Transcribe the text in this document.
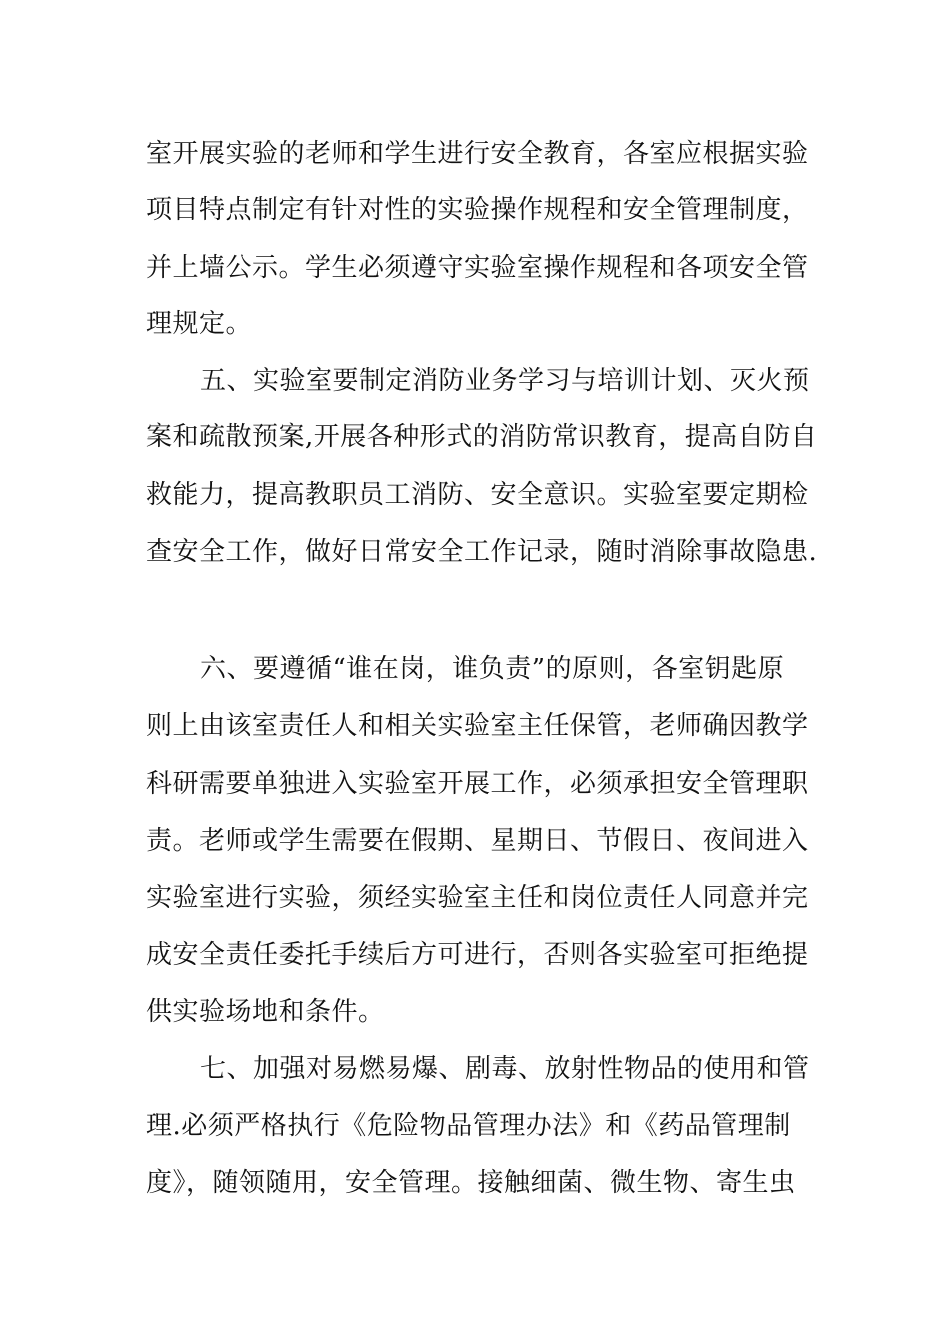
室开展实验的老师和学生进行安全教育，各室应根据实验
项目特点制定有针对性的实验操作规程和安全管理制度，
并上墙公示。学生必须遵守实验室操作规程和各项安全管
理规定。
五、实验室要制定消防业务学习与培训计划、灭火预
案和疏散预案,开展各种形式的消防常识教育，提高自防自
救能力，提高教职员工消防、安全意识。实验室要定期检
查安全工作，做好日常安全工作记录，随时消除事故隐患.
六、要遵循“谁在岗，谁负责”的原则，各室钥匙原
则上由该室责任人和相关实验室主任保管，老师确因教学
科研需要单独进入实验室开展工作，必须承担安全管理职
责。老师或学生需要在假期、星期日、节假日、夜间进入
实验室进行实验，须经实验室主任和岗位责任人同意并完
成安全责任委托手续后方可进行，否则各实验室可拒绝提
供实验场地和条件。
七、加强对易燃易爆、剧毒、放射性物品的使用和管
理.必须严格执行《危险物品管理办法》和《药品管理制
度》，随领随用，安全管理。接触细菌、微生物、寄生虫
